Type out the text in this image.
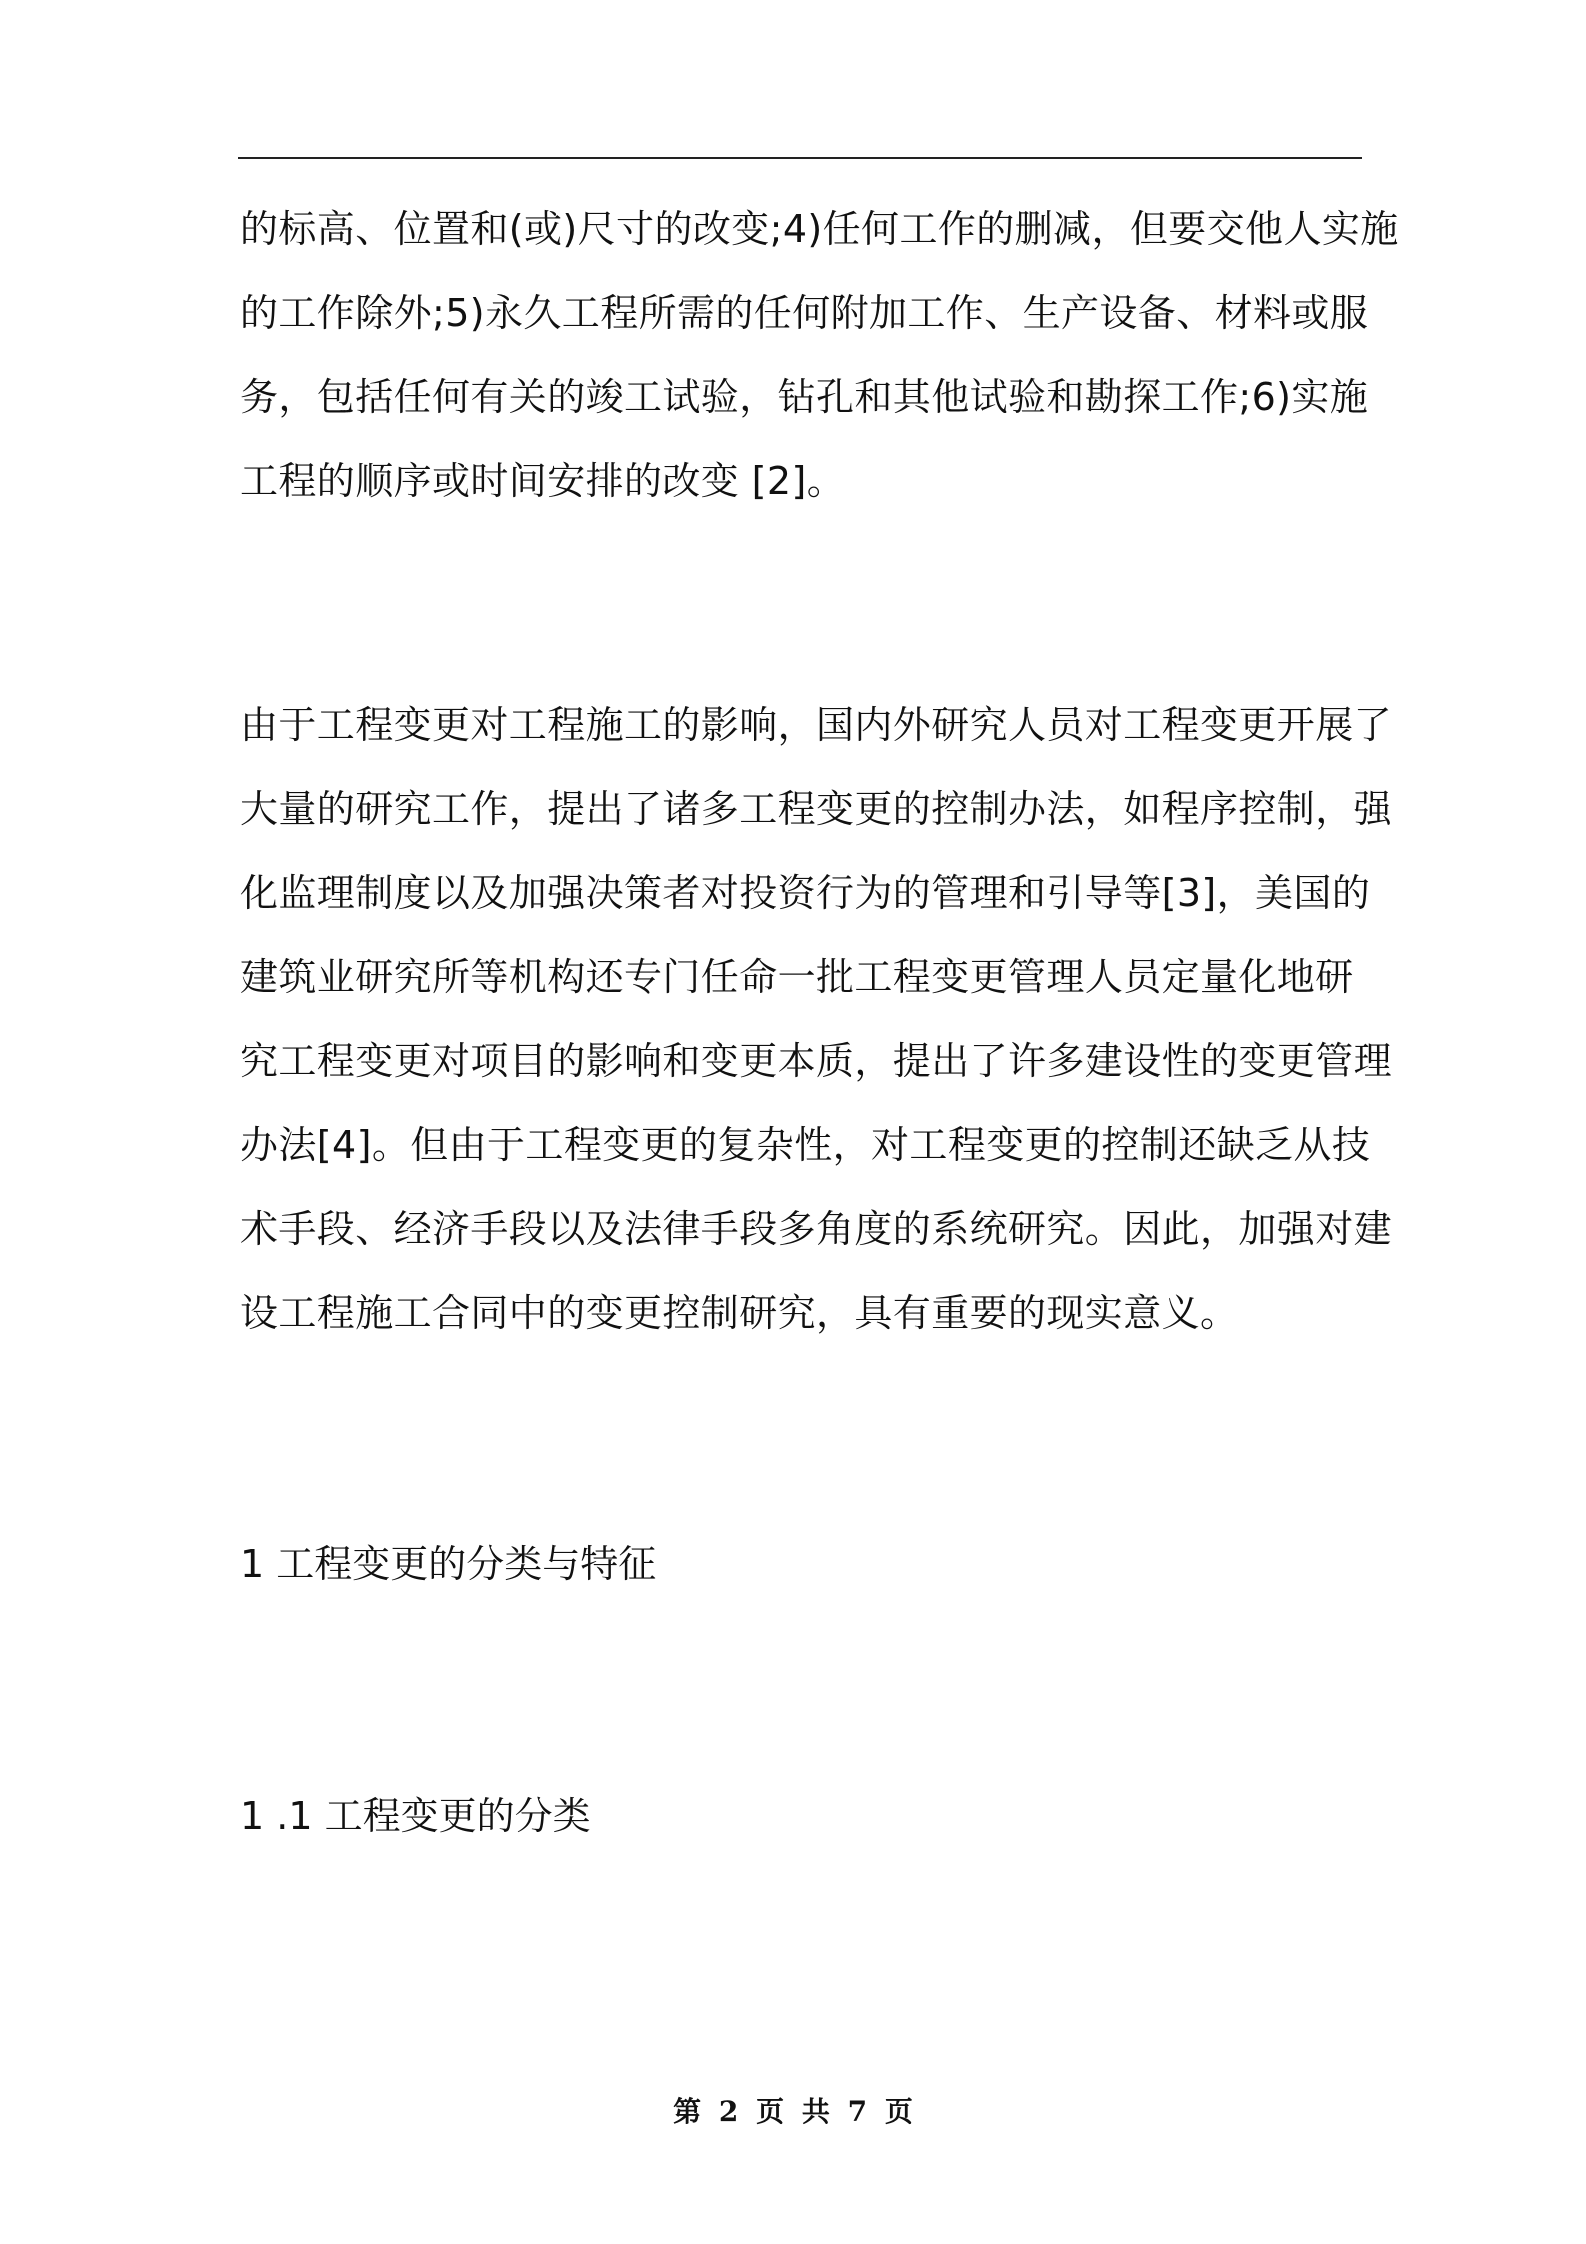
的标高、位置和(或)尺寸的改变;4)任何工作的删减，但要交他人实施
的工作除外;5)永久工程所需的任何附加工作、生产设备、材料或服
务，包括任何有关的竣工试验，钻孔和其他试验和勘探工作;6)实施
工程的顺序或时间安排的改变 [2]。
由于工程变更对工程施工的影响，国内外研究人员对工程变更开展了
大量的研究工作，提出了诸多工程变更的控制办法，如程序控制，强
化监理制度以及加强决策者对投资行为的管理和引导等[3]，美国的
建筑业研究所等机构还专门任命一批工程变更管理人员定量化地研
究工程变更对项目的影响和变更本质，提出了许多建设性的变更管理
办法[4]。但由于工程变更的复杂性，对工程变更的控制还缺乏从技
术手段、经济手段以及法律手段多角度的系统研究。因此，加强对建
设工程施工合同中的变更控制研究，具有重要的现实意义。
1 工程变更的分类与特征
1 .1 工程变更的分类
第 2 页 共 7 页
